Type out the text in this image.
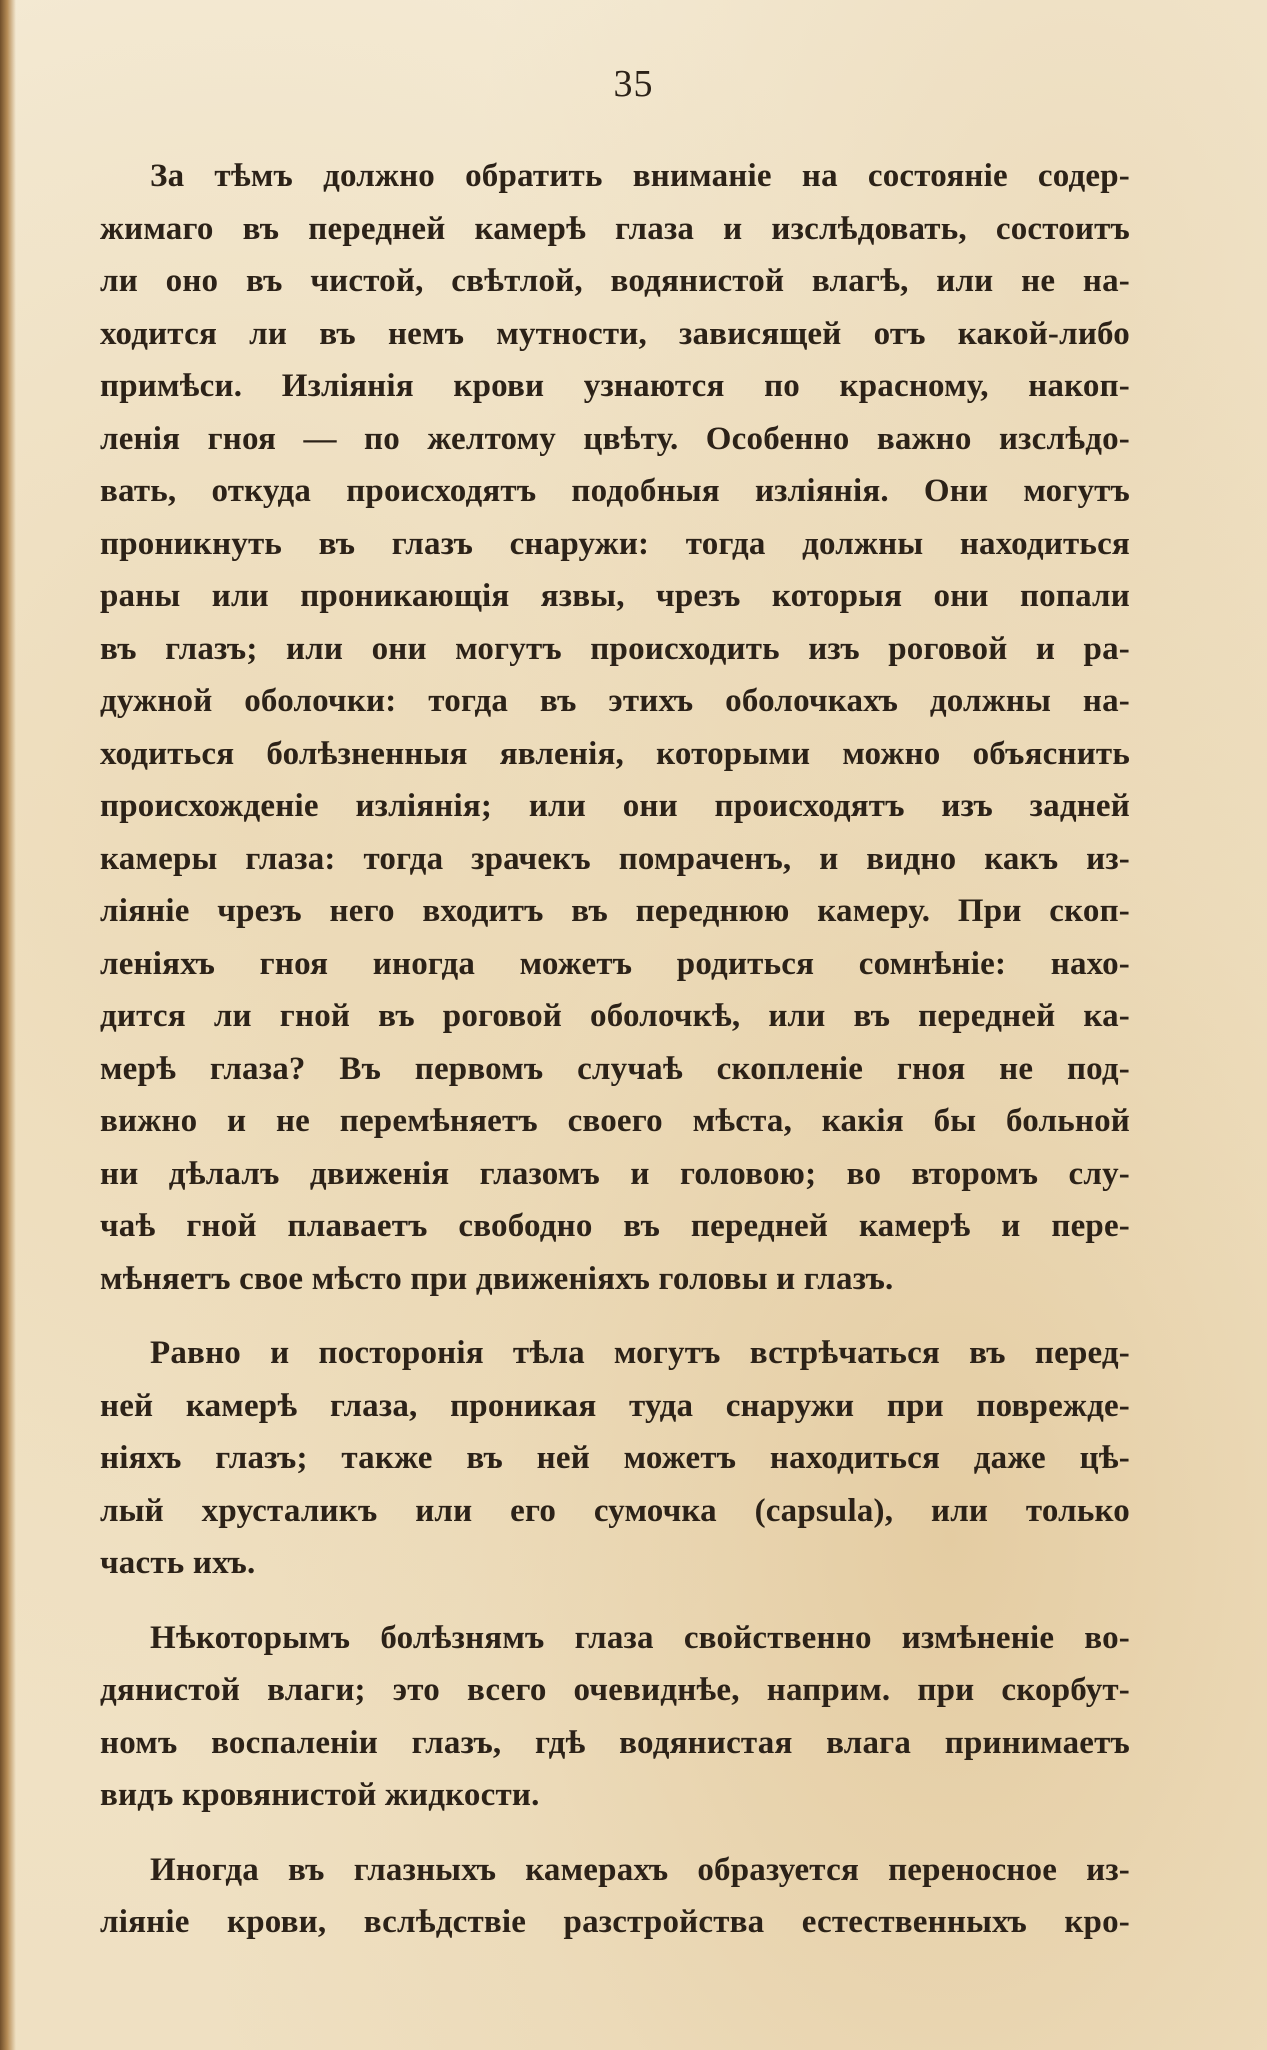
35
За тѣмъ должно обратить вниманіе на состояніе содер-
жимаго въ передней камерѣ глаза и изслѣдовать, состоитъ
ли оно въ чистой, свѣтлой, водянистой влагѣ, или не на-
ходится ли въ немъ мутности, зависящей отъ какой-либо
примѣси. Изліянія крови узнаются по красному, накоп-
ленія гноя — по желтому цвѣту. Особенно важно изслѣдо-
вать, откуда происходятъ подобныя изліянія. Они могутъ
проникнуть въ глазъ снаружи: тогда должны находиться
раны или проникающія язвы, чрезъ которыя они попали
въ глазъ; или они могутъ происходить изъ роговой и ра-
дужной оболочки: тогда въ этихъ оболочкахъ должны на-
ходиться болѣзненныя явленія, которыми можно объяснить
происхожденіе изліянія; или они происходятъ изъ задней
камеры глаза: тогда зрачекъ помраченъ, и видно какъ из-
ліяніе чрезъ него входитъ въ переднюю камеру. При скоп-
леніяхъ гноя иногда можетъ родиться сомнѣніе: нахо-
дится ли гной въ роговой оболочкѣ, или въ передней ка-
мерѣ глаза? Въ первомъ случаѣ скопленіе гноя не под-
вижно и не перемѣняетъ своего мѣста, какія бы больной
ни дѣлалъ движенія глазомъ и головою; во второмъ слу-
чаѣ гной плаваетъ свободно въ передней камерѣ и пере-
мѣняетъ свое мѣсто при движеніяхъ головы и глазъ.
Равно и посторонія тѣла могутъ встрѣчаться въ перед-
ней камерѣ глаза, проникая туда снаружи при поврежде-
ніяхъ глазъ; также въ ней можетъ находиться даже цѣ-
лый хрусталикъ или его сумочка (capsula), или только
часть ихъ.
Нѣкоторымъ болѣзнямъ глаза свойственно измѣненіе во-
дянистой влаги; это всего очевиднѣе, наприм. при скорбут-
номъ воспаленіи глазъ, гдѣ водянистая влага принимаетъ
видъ кровянистой жидкости.
Иногда въ глазныхъ камерахъ образуется переносное из-
ліяніе крови, вслѣдствіе разстройства естественныхъ кро-
